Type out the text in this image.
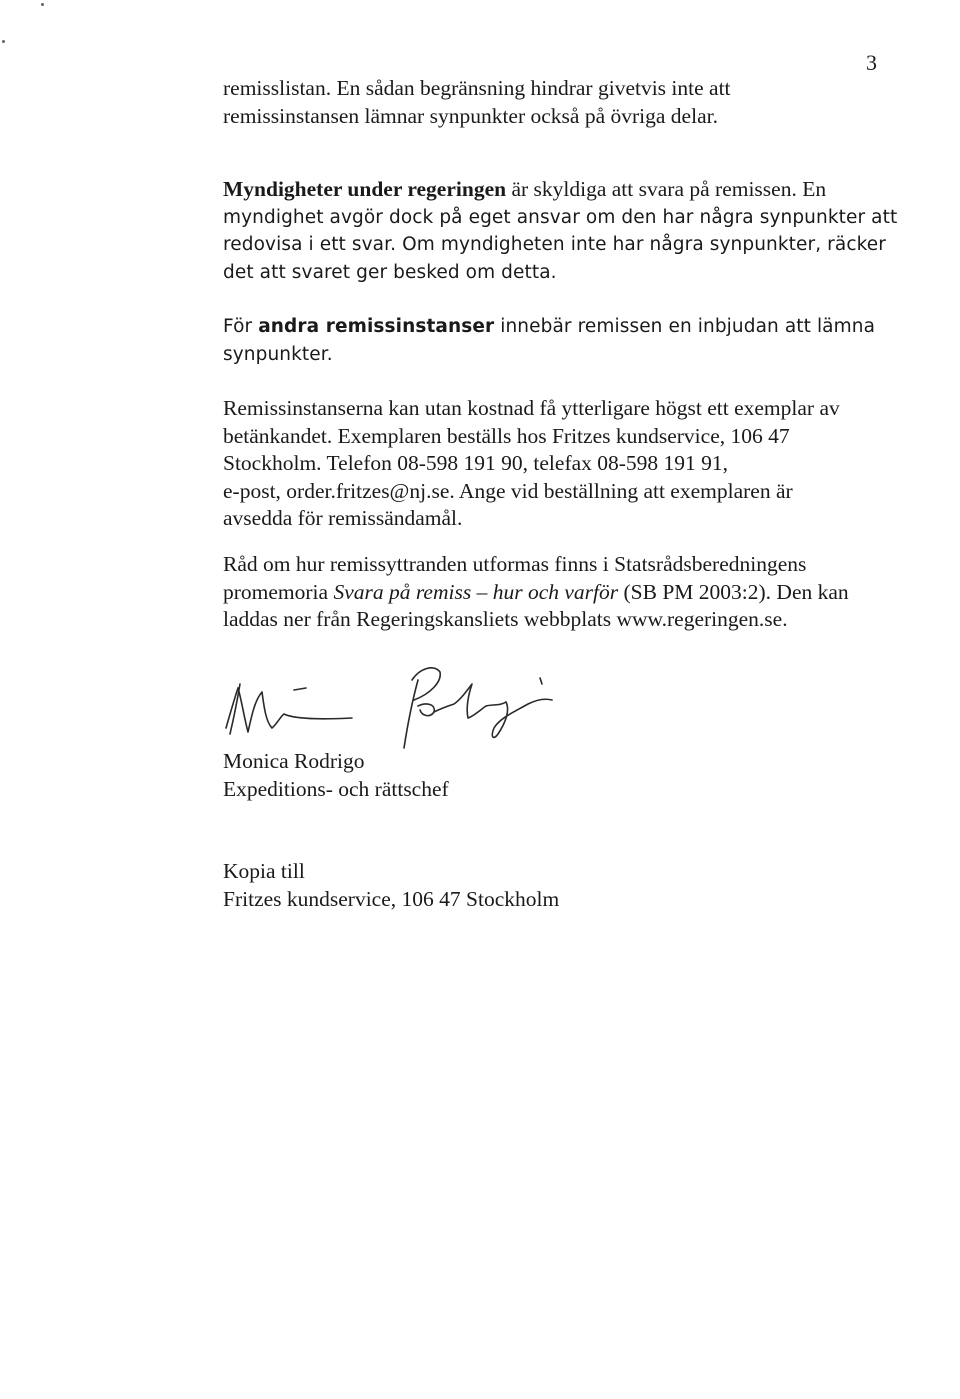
3

remisslistan. En sådan begränsning hindrar givetvis inte att
remissinstansen lämnar synpunkter också på övriga delar.

Myndigheter under regeringen är skyldiga att svara på remissen. En
myndighet avgör dock på eget ansvar om den har några synpunkter att
redovisa i ett svar. Om myndigheten inte har några synpunkter, räcker
det att svaret ger besked om detta.

För andra remissinstanser innebär remissen en inbjudan att lämna
synpunkter.

Remissinstanserna kan utan kostnad få ytterligare högst ett exemplar av
betänkandet. Exemplaren beställs hos Fritzes kundservice, 106 47
Stockholm. Telefon 08-598 191 90, telefax 08-598 191 91,
e-post, order.fritzes@nj.se. Ange vid beställning att exemplaren är
avsedda för remissändamål.

Råd om hur remissyttranden utformas finns i Statsrådsberedningens
promemoria Svara på remiss – hur och varför (SB PM 2003:2). Den kan
laddas ner från Regeringskansliets webbplats www.regeringen.se.

Monica Rodrigo
Expeditions- och rättschef
Kopia till
Fritzes kundservice, 106 47 Stockholm
